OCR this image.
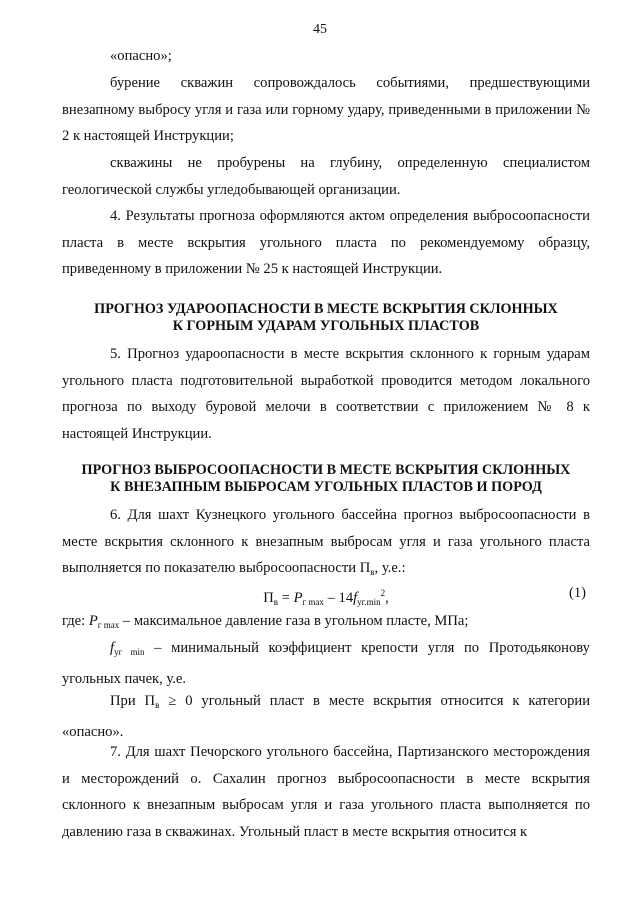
45

«опасно»;

бурение скважин сопровождалось событиями, предшествующими внезапному выбросу угля и газа или горному удару, приведенными в приложении № 2 к настоящей Инструкции;

скважины не пробурены на глубину, определенную специалистом геологической службы угледобывающей организации.

4. Результаты прогноза оформляются актом определения выбросоопасности пласта в месте вскрытия угольного пласта по рекомендуемому образцу, приведенному в приложении № 25 к настоящей Инструкции.

ПРОГНОЗ УДАРООПАСНОСТИ В МЕСТЕ ВСКРЫТИЯ СКЛОННЫХ
К ГОРНЫМ УДАРАМ УГОЛЬНЫХ ПЛАСТОВ

5. Прогноз удароопасности в месте вскрытия склонного к горным ударам угольного пласта подготовительной выработкой проводится методом локального прогноза по выходу буровой мелочи в соответствии с приложением № 8 к настоящей Инструкции.

ПРОГНОЗ ВЫБРОСООПАСНОСТИ В МЕСТЕ ВСКРЫТИЯ СКЛОННЫХ
К ВНЕЗАПНЫМ ВЫБРОСАМ УГОЛЬНЫХ ПЛАСТОВ И ПОРОД

6. Для шахт Кузнецкого угольного бассейна прогноз выбросоопасности в месте вскрытия склонного к внезапным выбросам угля и газа угольного пласта выполняется по показателю выбросоопасности $П_в$, у.е.:

$П_в = P_{г max} - 14f_{уг.min}^2$,	(1)

где: $P_{г max}$ – максимальное давление газа в угольном пласте, МПа;

$f_{уг min}$ – минимальный коэффициент крепости угля по Протодьяконову угольных пачек, у.е.

При $П_в \ge 0$ угольный пласт в месте вскрытия относится к категории «опасно».

7. Для шахт Печорского угольного бассейна, Партизанского месторождения и месторождений о. Сахалин прогноз выбросоопасности в месте вскрытия склонного к внезапным выбросам угля и газа угольного пласта выполняется по давлению газа в скважинах. Угольный пласт в месте вскрытия относится к
